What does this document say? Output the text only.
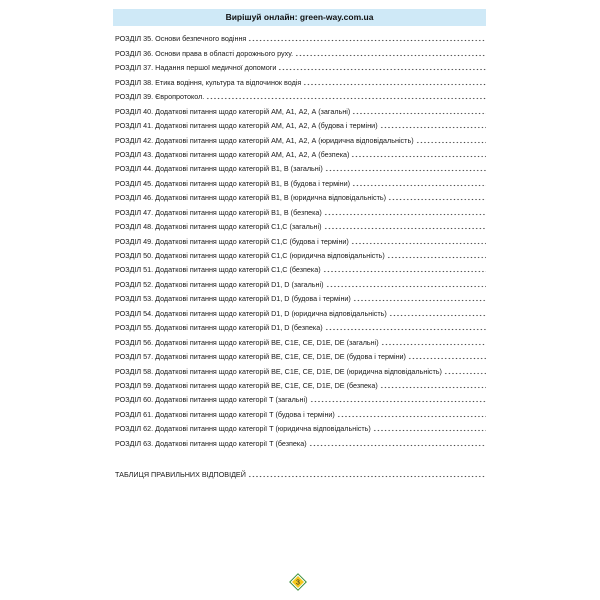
Вирішуй онлайн: green-way.com.ua
РОЗДІЛ 35. Основи безпечного водіння
РОЗДІЛ 36. Основи права в області дорожнього руху.
РОЗДІЛ 37. Надання першої медичної допомоги
РОЗДІЛ 38. Етика водіння, культура та відпочинок водія
РОЗДІЛ 39. Європротокол.
РОЗДІЛ 40. Додаткові питання щодо категорій АМ, А1, А2, А (загальні)
РОЗДІЛ 41. Додаткові питання щодо категорій АМ, А1, А2, А (будова і терміни)
РОЗДІЛ 42. Додаткові питання щодо категорій АМ, А1, А2, А (юридична відповідальність)
РОЗДІЛ 43. Додаткові питання щодо категорій АМ, А1, А2, А (безпека)
РОЗДІЛ 44. Додаткові питання щодо категорій В1, В (загальні)
РОЗДІЛ 45. Додаткові питання щодо категорій В1, В (будова і терміни)
РОЗДІЛ 46. Додаткові питання щодо категорій В1, В (юридична відповідальність)
РОЗДІЛ 47. Додаткові питання щодо категорій В1, В (безпека)
РОЗДІЛ 48. Додаткові питання щодо категорій С1,С (загальні)
РОЗДІЛ 49. Додаткові питання щодо категорій С1,С (будова і терміни)
РОЗДІЛ 50. Додаткові питання щодо категорій С1,С (юридична відповідальність)
РОЗДІЛ 51. Додаткові питання щодо категорій С1,С (безпека)
РОЗДІЛ 52. Додаткові питання щодо категорій D1, D (загальні)
РОЗДІЛ 53. Додаткові питання щодо категорій D1, D (будова і терміни)
РОЗДІЛ 54. Додаткові питання щодо категорій D1, D (юридична відповідальність)
РОЗДІЛ 55. Додаткові питання щодо категорій D1, D (безпека)
РОЗДІЛ 56. Додаткові питання щодо категорій ВЕ, С1Е, СЕ, D1Е, DЕ (загальні)
РОЗДІЛ 57. Додаткові питання щодо категорій ВЕ, С1Е, СЕ, D1Е, DЕ (будова і терміни)
РОЗДІЛ 58. Додаткові питання щодо категорій ВЕ, С1Е, СЕ, D1Е, DЕ (юридична відповідальність)
РОЗДІЛ 59. Додаткові питання щодо категорій ВЕ, С1Е, СЕ, D1Е, DЕ (безпека)
РОЗДІЛ 60. Додаткові питання щодо категорії Т (загальні)
РОЗДІЛ 61. Додаткові питання щодо категорії Т (будова і терміни)
РОЗДІЛ 62. Додаткові питання щодо категорії Т (юридична відповідальність)
РОЗДІЛ 63. Додаткові питання щодо категорії Т (безпека)
ТАБЛИЦЯ ПРАВИЛЬНИХ ВІДПОВІДЕЙ
3
